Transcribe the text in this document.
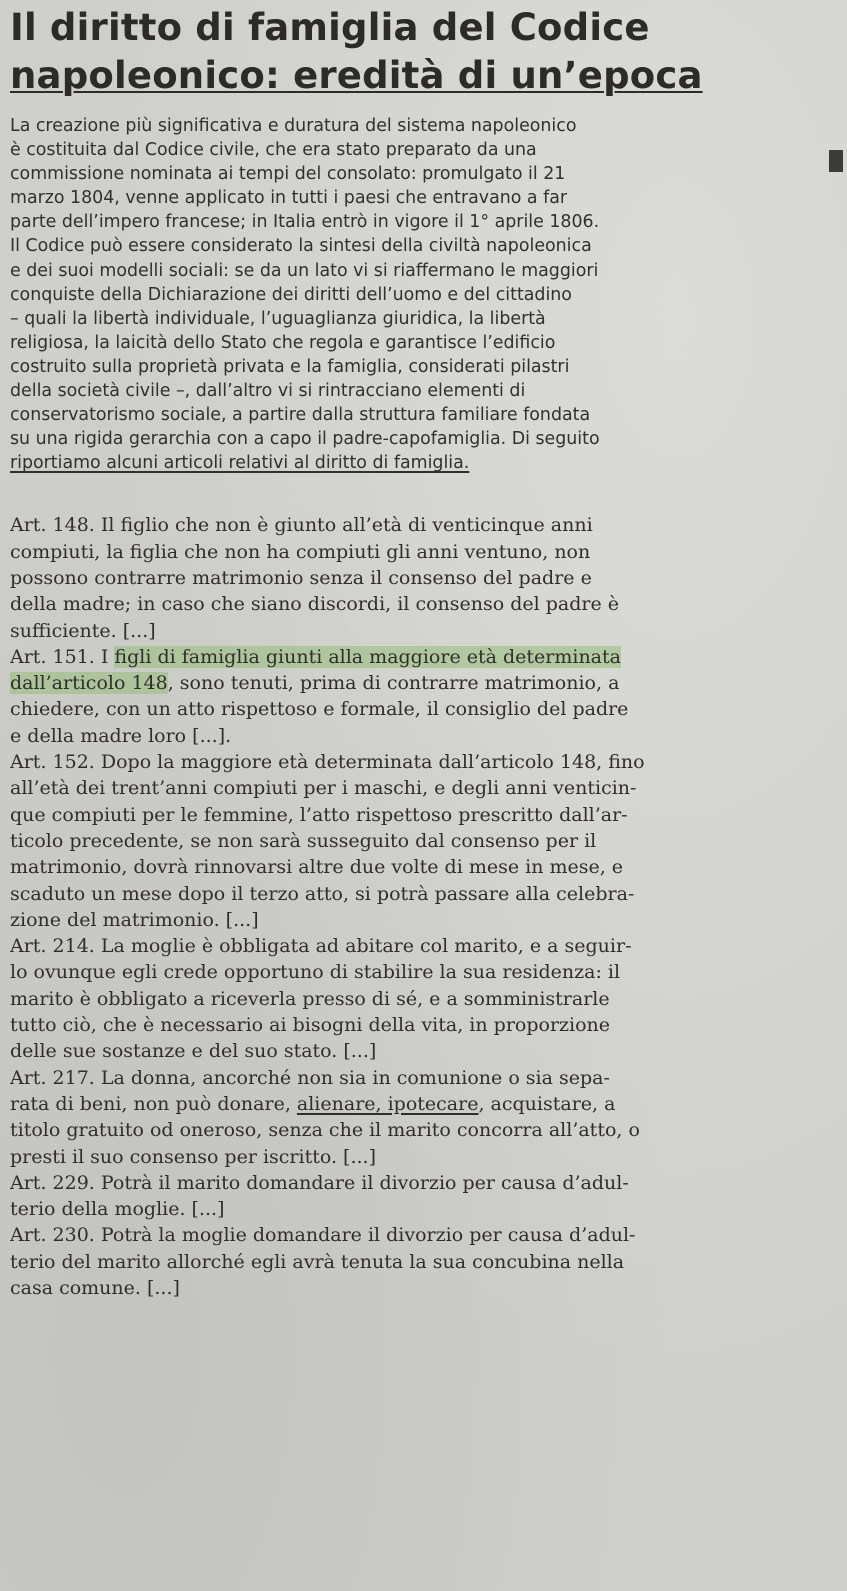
Il diritto di famiglia del Codice
napoleonico: eredità di un’epoca
La creazione più significativa e duratura del sistema napoleonico
è costituita dal Codice civile, che era stato preparato da una
commissione nominata ai tempi del consolato: promulgato il 21
marzo 1804, venne applicato in tutti i paesi che entravano a far
parte dell’impero francese; in Italia entrò in vigore il 1° aprile 1806.
Il Codice può essere considerato la sintesi della civiltà napoleonica
e dei suoi modelli sociali: se da un lato vi si riaffermano le maggiori
conquiste della Dichiarazione dei diritti dell’uomo e del cittadino
– quali la libertà individuale, l’uguaglianza giuridica, la libertà
religiosa, la laicità dello Stato che regola e garantisce l’edificio
costruito sulla proprietà privata e la famiglia, considerati pilastri
della società civile –, dall’altro vi si rintracciano elementi di
conservatorismo sociale, a partire dalla struttura familiare fondata
su una rigida gerarchia con a capo il padre-capofamiglia. Di seguito
riportiamo alcuni articoli relativi al diritto di famiglia.
Art. 148. Il figlio che non è giunto all’età di venticinque anni
compiuti, la figlia che non ha compiuti gli anni ventuno, non
possono contrarre matrimonio senza il consenso del padre e
della madre; in caso che siano discordi, il consenso del padre è
sufficiente. [...]
Art. 151. I figli di famiglia giunti alla maggiore età determinata
dall’articolo 148, sono tenuti, prima di contrarre matrimonio, a
chiedere, con un atto rispettoso e formale, il consiglio del padre
e della madre loro [...].
Art. 152. Dopo la maggiore età determinata dall’articolo 148, fino
all’età dei trent’anni compiuti per i maschi, e degli anni venticin-
que compiuti per le femmine, l’atto rispettoso prescritto dall’ar-
ticolo precedente, se non sarà susseguito dal consenso per il
matrimonio, dovrà rinnovarsi altre due volte di mese in mese, e
scaduto un mese dopo il terzo atto, si potrà passare alla celebra-
zione del matrimonio. [...]
Art. 214. La moglie è obbligata ad abitare col marito, e a seguir-
lo ovunque egli crede opportuno di stabilire la sua residenza: il
marito è obbligato a riceverla presso di sé, e a somministrarle
tutto ciò, che è necessario ai bisogni della vita, in proporzione
delle sue sostanze e del suo stato. [...]
Art. 217. La donna, ancorché non sia in comunione o sia sepa-
rata di beni, non può donare, alienare, ipotecare, acquistare, a
titolo gratuito od oneroso, senza che il marito concorra all’atto, o
presti il suo consenso per iscritto. [...]
Art. 229. Potrà il marito domandare il divorzio per causa d’adul-
terio della moglie. [...]
Art. 230. Potrà la moglie domandare il divorzio per causa d’adul-
terio del marito allorché egli avrà tenuta la sua concubina nella
casa comune. [...]
